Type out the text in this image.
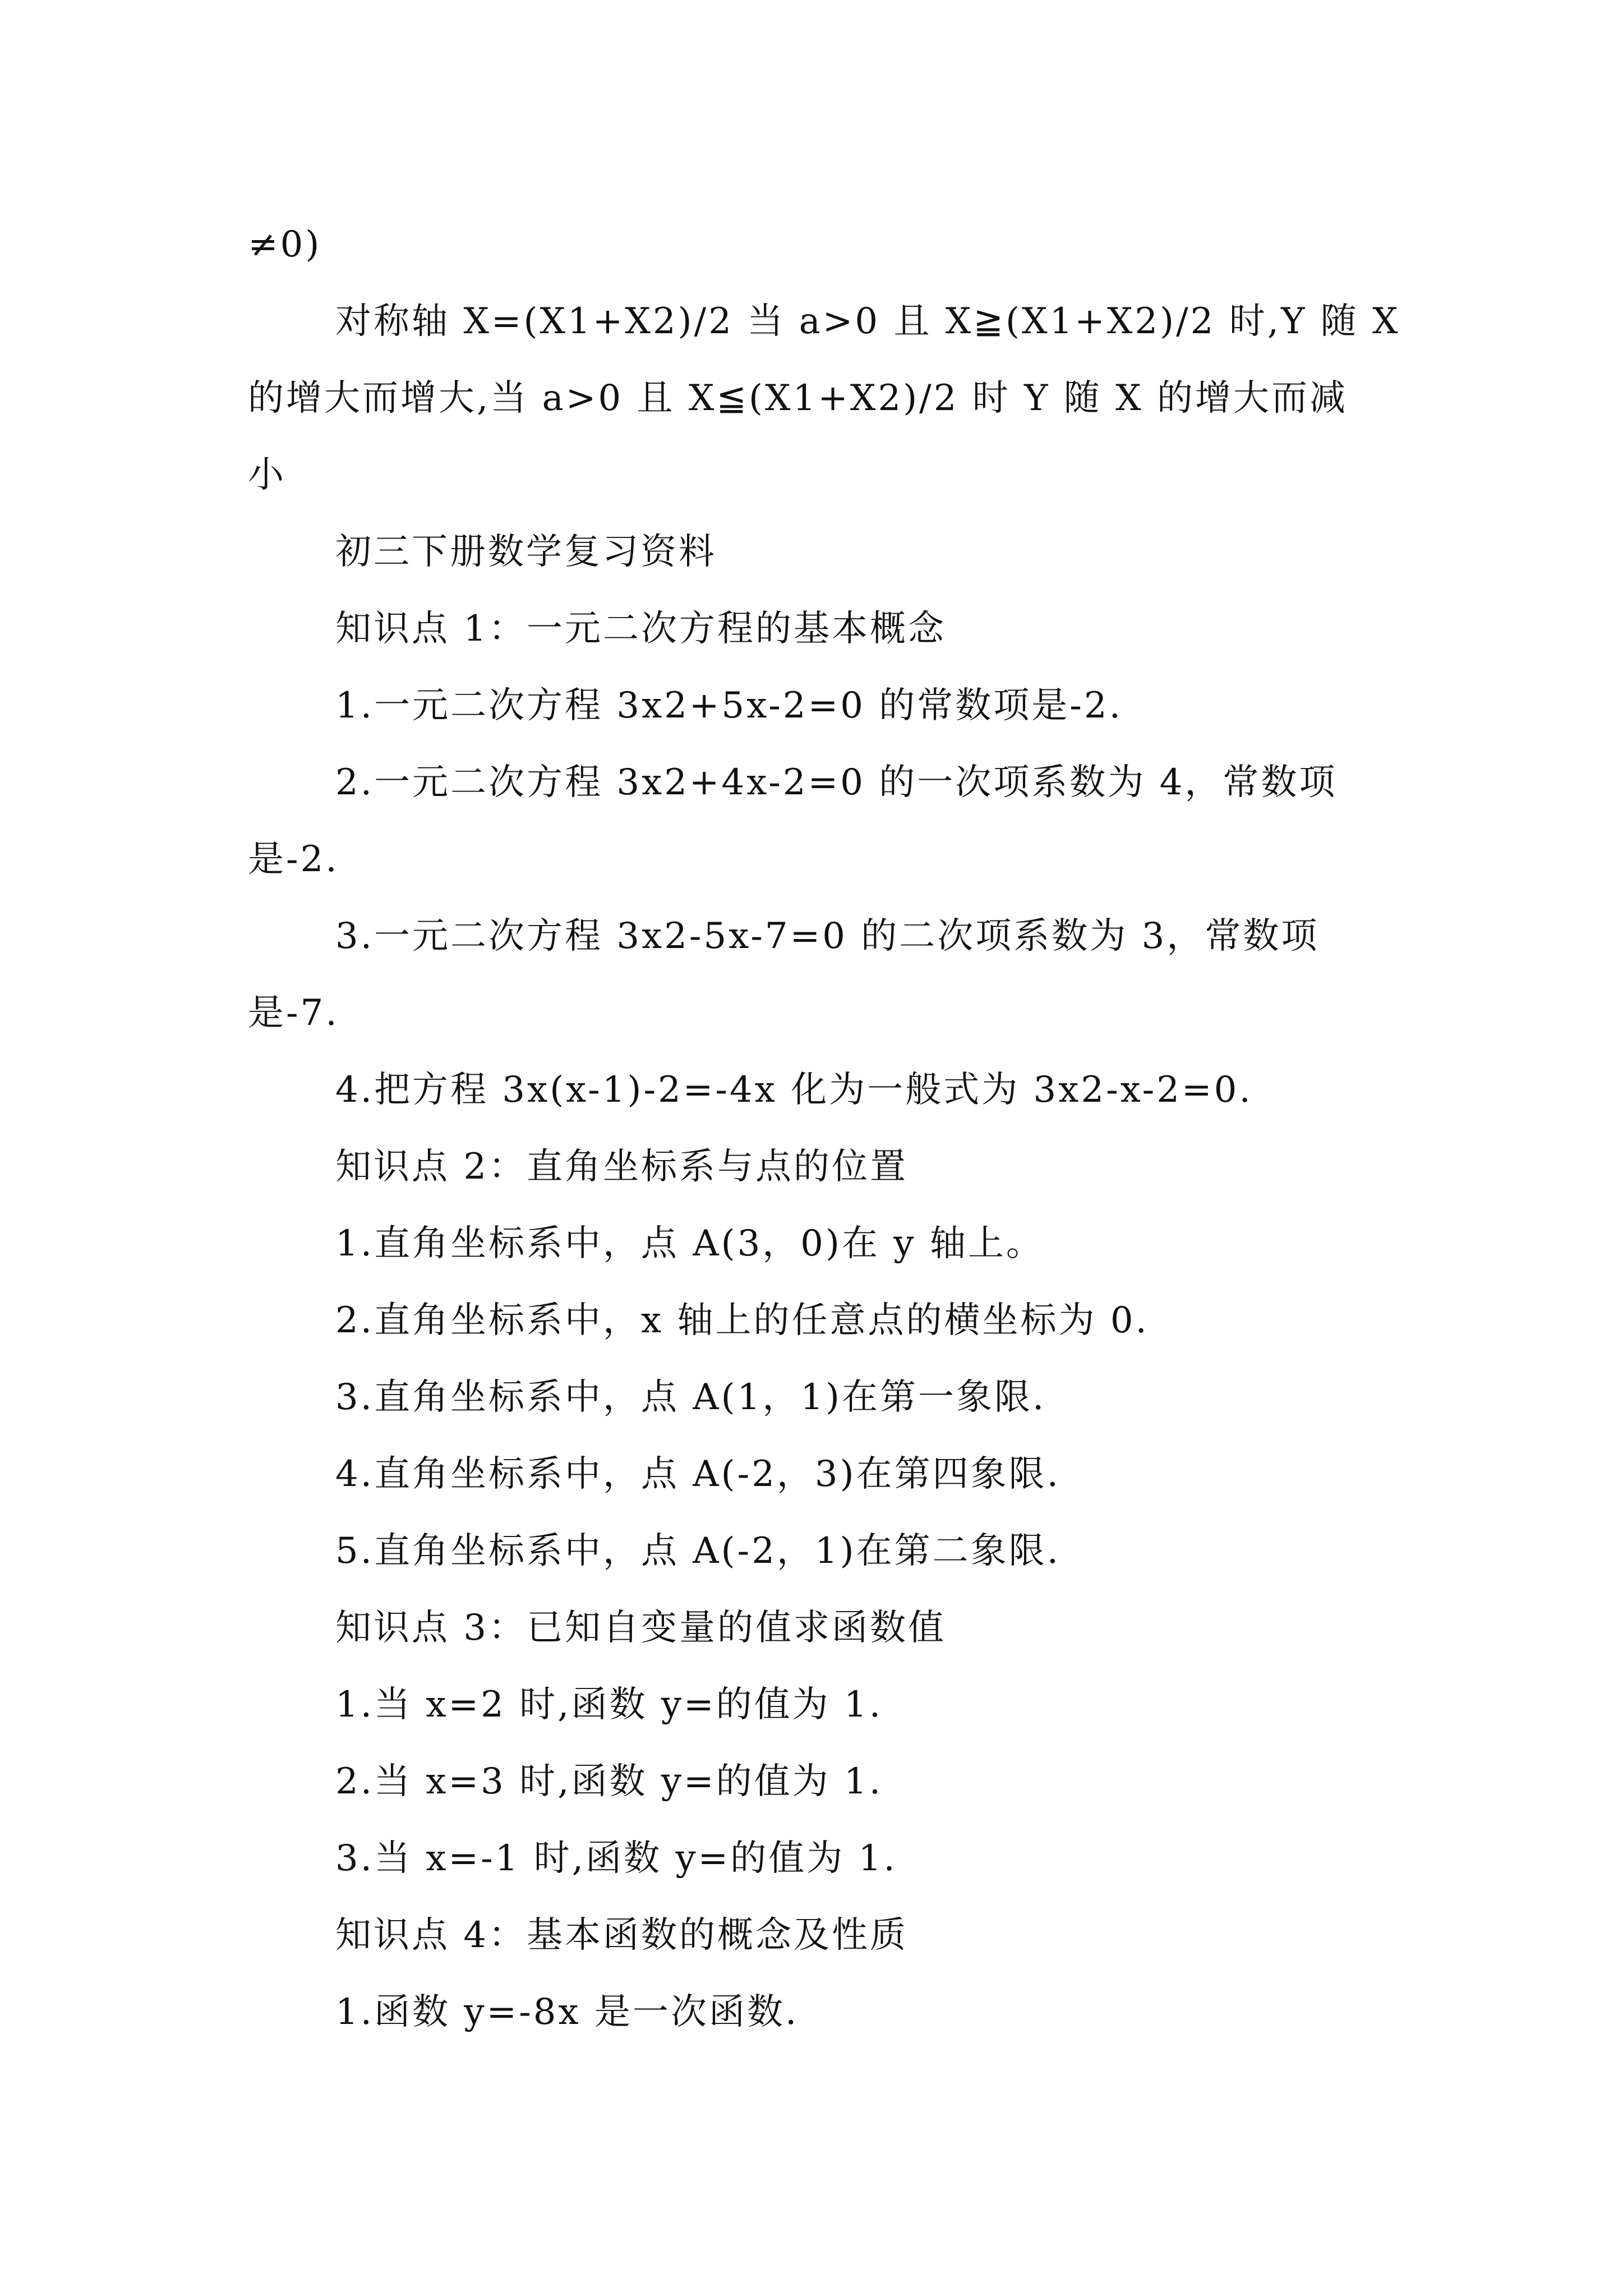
≠0)
对称轴 X=(X1+X2)/2 当 a>0 且 X≧(X1+X2)/2 时,Y 随 X
的增大而增大,当 a>0 且 X≦(X1+X2)/2 时 Y 随 X 的增大而减
小
初三下册数学复习资料
知识点 1：一元二次方程的基本概念
1.一元二次方程 3x2+5x-2=0 的常数项是-2.
2.一元二次方程 3x2+4x-2=0 的一次项系数为 4，常数项
是-2.
3.一元二次方程 3x2-5x-7=0 的二次项系数为 3，常数项
是-7.
4.把方程 3x(x-1)-2=-4x 化为一般式为 3x2-x-2=0.
知识点 2：直角坐标系与点的位置
1.直角坐标系中，点 A(3，0)在 y 轴上。
2.直角坐标系中，x 轴上的任意点的横坐标为 0.
3.直角坐标系中，点 A(1，1)在第一象限.
4.直角坐标系中，点 A(-2，3)在第四象限.
5.直角坐标系中，点 A(-2，1)在第二象限.
知识点 3：已知自变量的值求函数值
1.当 x=2 时,函数 y=的值为 1.
2.当 x=3 时,函数 y=的值为 1.
3.当 x=-1 时,函数 y=的值为 1.
知识点 4：基本函数的概念及性质
1.函数 y=-8x 是一次函数.
